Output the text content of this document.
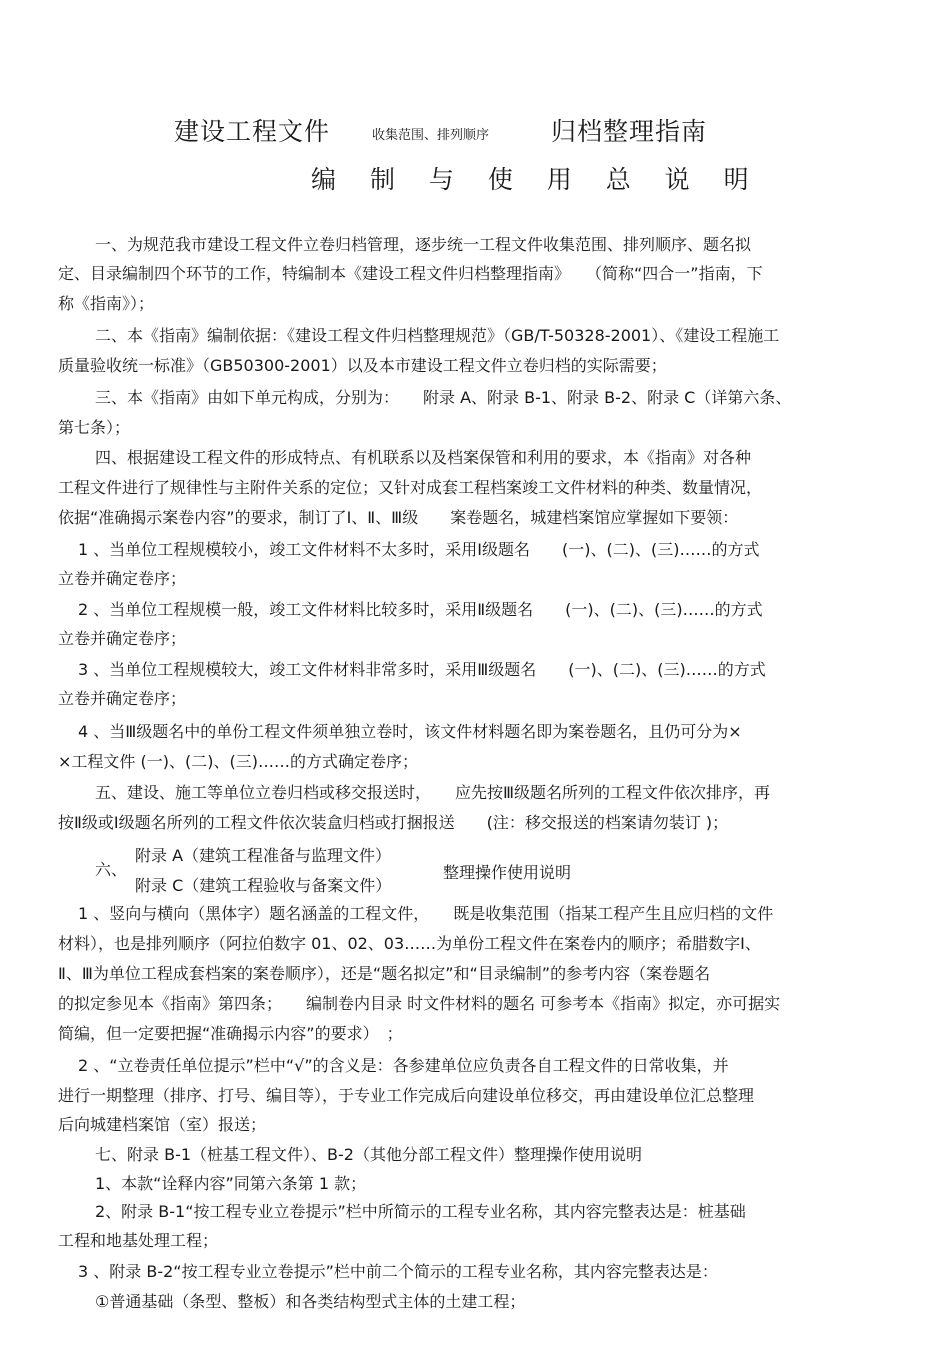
建设工程文件	收集范围、排列顺序 归档整理指南
编 制 与 使 用 总 说 明
一、为规范我市建设工程文件立卷归档管理，逐步统一工程文件收集范围、排列顺序、题名拟
定、目录编制四个环节的工作，特编制本《建设工程文件归档整理指南》　　（简称“四合一”指南，下
称《指南》）；
二、本《指南》编制依据：《建设工程文件归档整理规范》（GB/T-50328-2001）、《建设工程施工
质量验收统一标准》（GB50300-2001）以及本市建设工程文件立卷归档的实际需要；
三、本《指南》由如下单元构成，分别为：　　附录 A、附录 B-1、附录 B-2、附录 C（详第六条、
第七条）；
四、根据建设工程文件的形成特点、有机联系以及档案保管和利用的要求，本《指南》对各种
工程文件进行了规律性与主附件关系的定位；又针对成套工程档案竣工文件材料的种类、数量情况，
依据“准确揭示案卷内容”的要求，制订了Ⅰ、Ⅱ、Ⅲ级　　案卷题名，城建档案馆应掌握如下要领：
1 、当单位工程规模较小，竣工文件材料不太多时，采用Ⅰ级题名　　(一)、(二)、(三)……的方式
立卷并确定卷序；
2 、当单位工程规模一般，竣工文件材料比较多时，采用Ⅱ级题名　　(一)、(二)、(三)……的方式
立卷并确定卷序；
3 、当单位工程规模较大，竣工文件材料非常多时，采用Ⅲ级题名　　(一)、(二)、(三)……的方式
立卷并确定卷序；
4 、当Ⅲ级题名中的单份工程文件须单独立卷时，该文件材料题名即为案卷题名，且仍可分为×
×工程文件 (一)、(二)、(三)……的方式确定卷序；
五、建设、施工等单位立卷归档或移交报送时，　　应先按Ⅲ级题名所列的工程文件依次排序，再
按Ⅱ级或Ⅰ级题名所列的工程文件依次装盒归档或打捆报送　　(注：移交报送的档案请勿装订 )；
六、
附录 A（建筑工程准备与监理文件）
附录 C（建筑工程验收与备案文件）
整理操作使用说明
1 、竖向与横向（黑体字）题名涵盖的工程文件，　　既是收集范围（指某工程产生且应归档的文件
材料），也是排列顺序（阿拉伯数字 01、02、03……为单份工程文件在案卷内的顺序；希腊数字Ⅰ、
Ⅱ、Ⅲ为单位工程成套档案的案卷顺序），还是“题名拟定”和“目录编制”的参考内容（案卷题名
的拟定参见本《指南》第四条；　　编制卷内目录 时文件材料的题名 可参考本《指南》拟定，亦可据实
简编，但一定要把握“准确揭示内容”的要求）　；
2 、“立卷责任单位提示”栏中“√”的含义是：各参建单位应负责各自工程文件的日常收集，并
进行一期整理（排序、打号、编目等），于专业工作完成后向建设单位移交，再由建设单位汇总整理
后向城建档案馆（室）报送；
七、附录 B-1（桩基工程文件）、B-2（其他分部工程文件）整理操作使用说明
1、本款“诠释内容”同第六条第 1 款；
2、附录 B-1“按工程专业立卷提示”栏中所简示的工程专业名称，其内容完整表达是：桩基础
工程和地基处理工程；
3 、附录 B-2“按工程专业立卷提示”栏中前二个简示的工程专业名称，其内容完整表达是：
①普通基础（条型、整板）和各类结构型式主体的土建工程；
